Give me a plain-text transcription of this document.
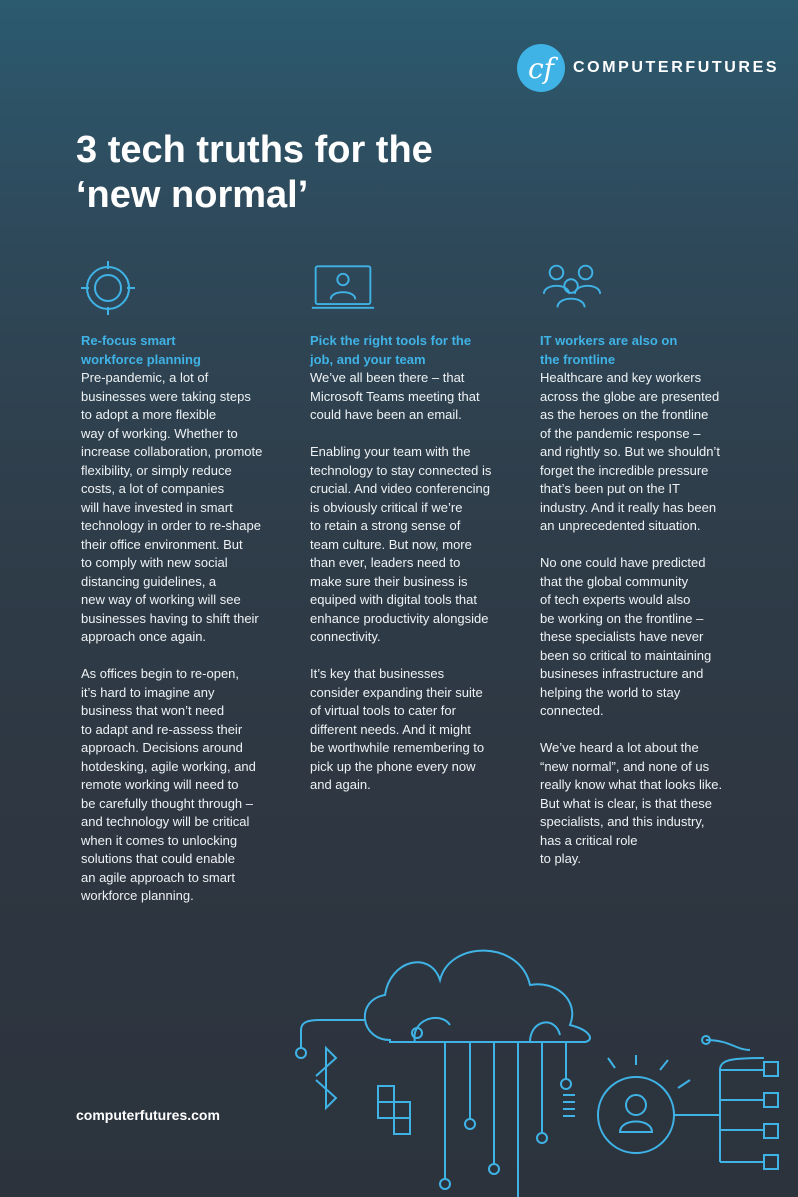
cf COMPUTERFUTURES
3 tech truths for the
‘new normal’
Re-focus smart
workforce planning

Pre-pandemic, a lot of
businesses were taking steps
to adopt a more flexible
way of working. Whether to
increase collaboration, promote
flexibility, or simply reduce
costs, a lot of companies
will have invested in smart
technology in order to re-shape
their office environment. But
to comply with new social
distancing guidelines, a
new way of working will see
businesses having to shift their
approach once again.

As offices begin to re-open,
it’s hard to imagine any
business that won’t need
to adapt and re-assess their
approach. Decisions around
hotdesking, agile working, and
remote working will need to
be carefully thought through –
and technology will be critical
when it comes to unlocking
solutions that could enable
an agile approach to smart
workforce planning.

Pick the right tools for the
job, and your team

We’ve all been there – that
Microsoft Teams meeting that
could have been an email.

Enabling your team with the
technology to stay connected is
crucial. And video conferencing
is obviously critical if we’re
to retain a strong sense of
team culture. But now, more
than ever, leaders need to
make sure their business is
equiped with digital tools that
enhance productivity alongside
connectivity.

It’s key that businesses
consider expanding their suite
of virtual tools to cater for
different needs. And it might
be worthwhile remembering to
pick up the phone every now
and again.

IT workers are also on
the frontline

Healthcare and key workers
across the globe are presented
as the heroes on the frontline
of the pandemic response –
and rightly so. But we shouldn’t
forget the incredible pressure
that’s been put on the IT
industry. And it really has been
an unprecedented situation.

No one could have predicted
that the global community
of tech experts would also
be working on the frontline –
these specialists have never
been so critical to maintaining
busineses infrastructure and
helping the world to stay
connected.

We’ve heard a lot about the
“new normal”, and none of us
really know what that looks like.
But what is clear, is that these
specialists, and this industry,
has a critical role
to play.

computerfutures.com
